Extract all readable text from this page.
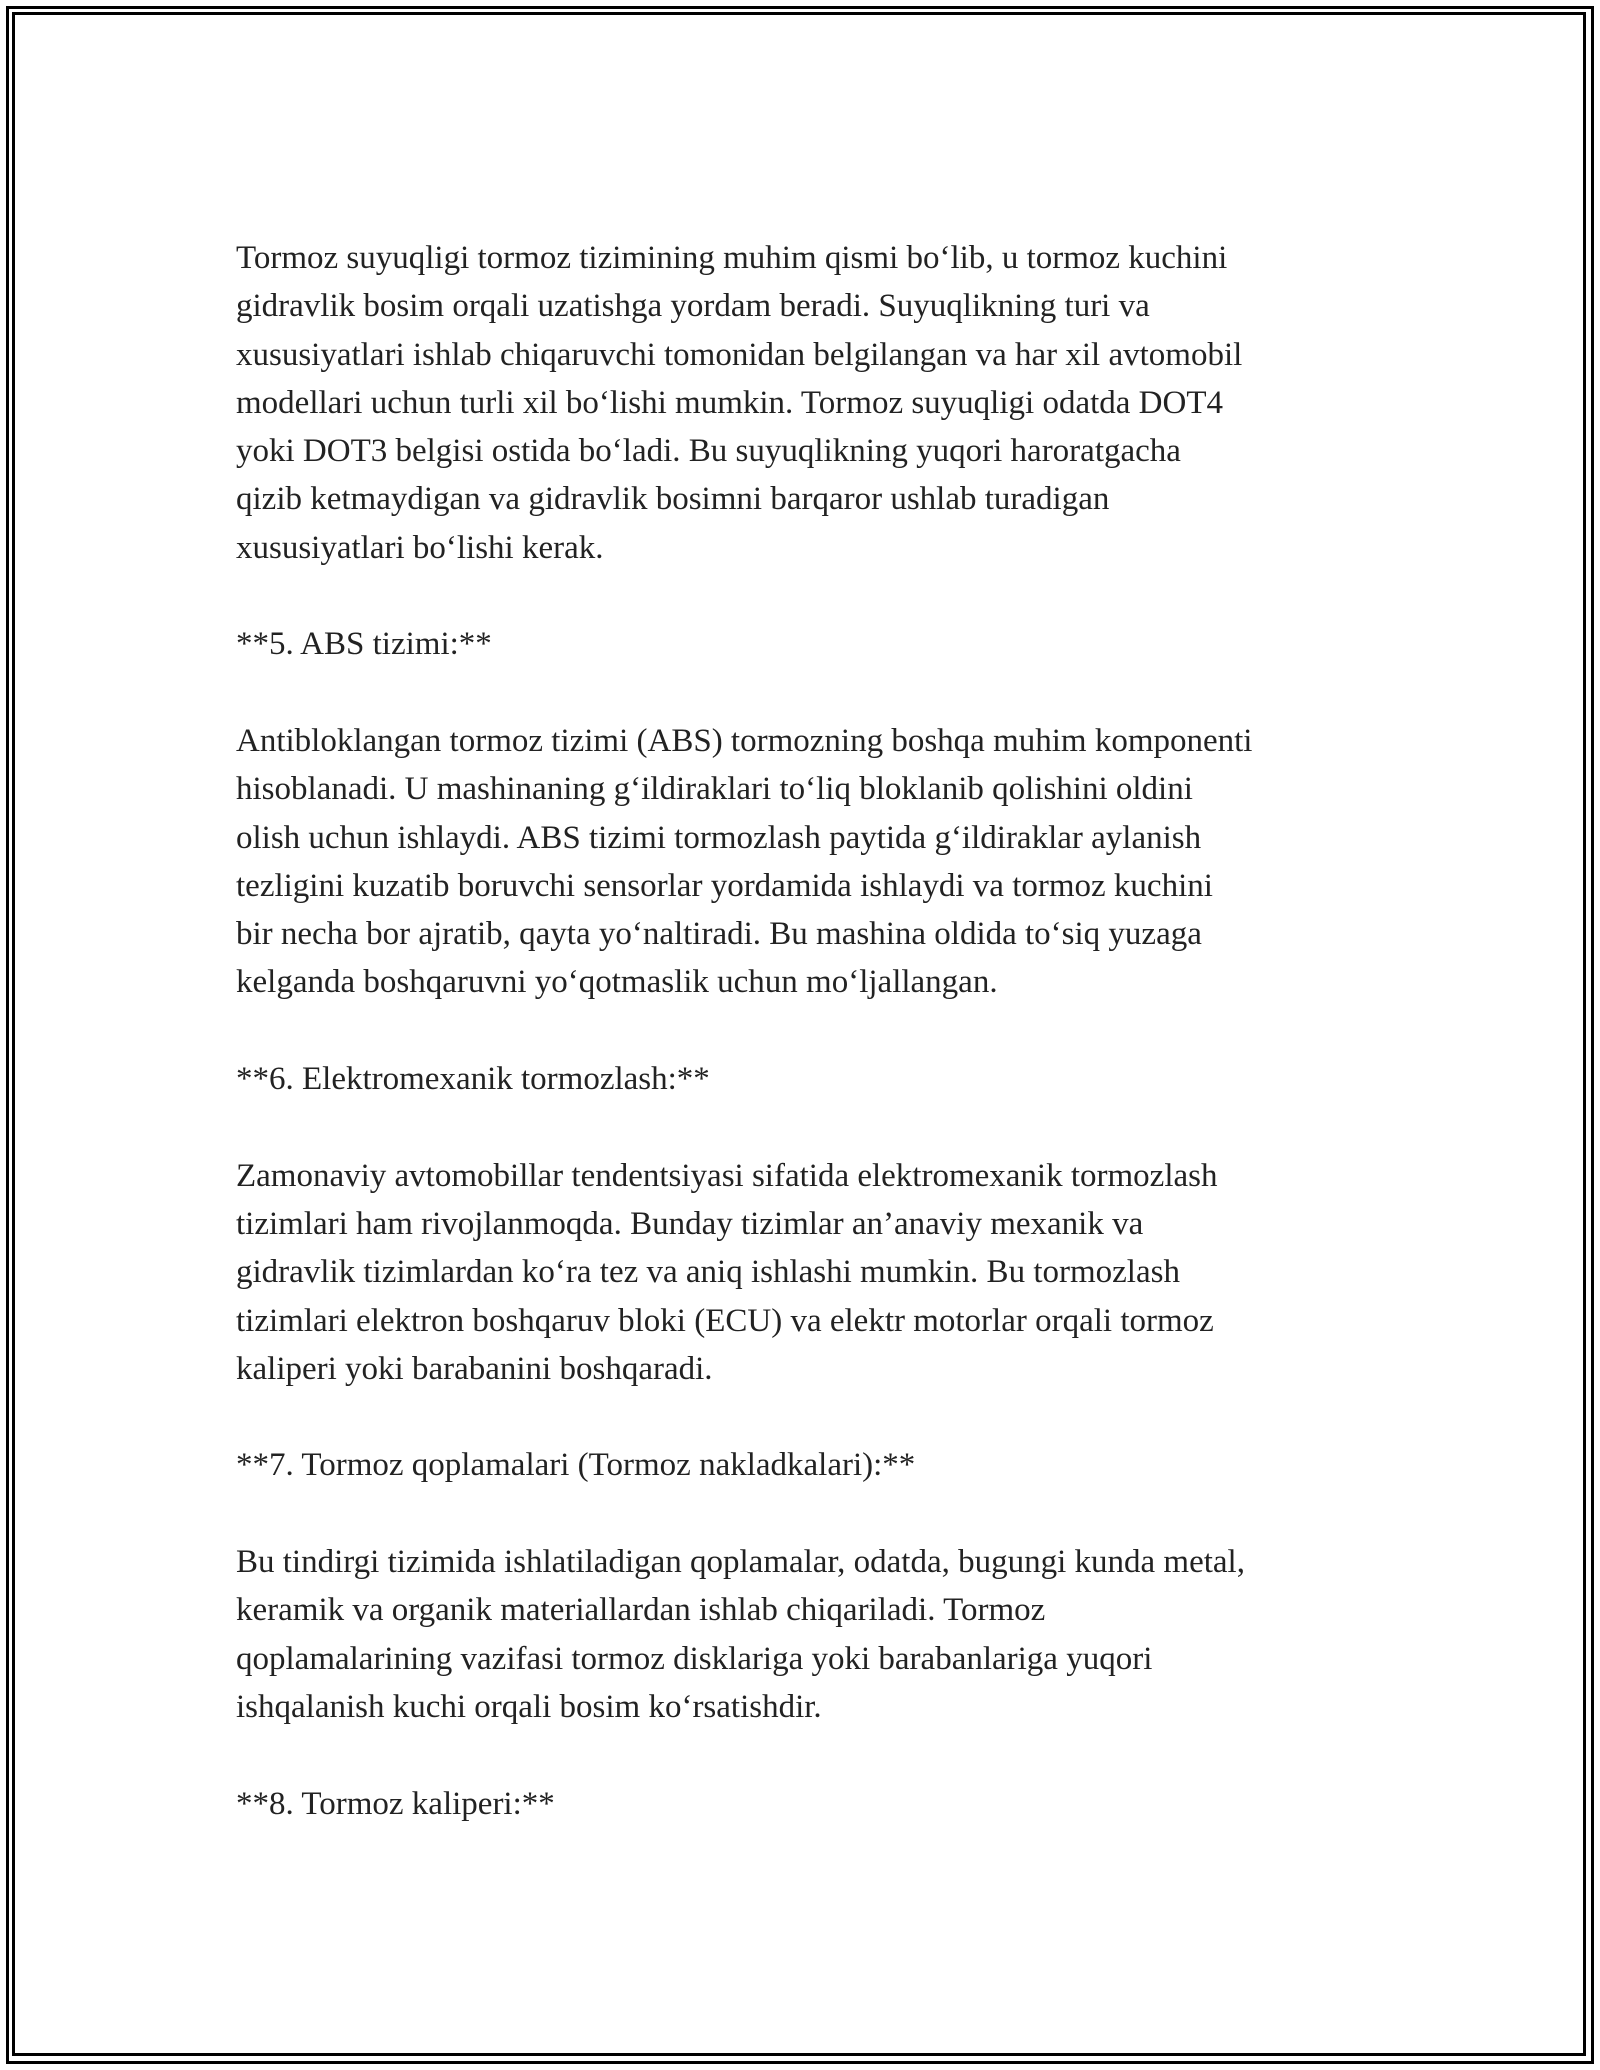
Tormoz suyuqligi tormoz tizimining muhim qismi bo‘lib, u tormoz kuchini
gidravlik bosim orqali uzatishga yordam beradi. Suyuqlikning turi va
xususiyatlari ishlab chiqaruvchi tomonidan belgilangan va har xil avtomobil
modellari uchun turli xil bo‘lishi mumkin. Tormoz suyuqligi odatda DOT4
yoki DOT3 belgisi ostida bo‘ladi. Bu suyuqlikning yuqori haroratgacha
qizib ketmaydigan va gidravlik bosimni barqaror ushlab turadigan
xususiyatlari bo‘lishi kerak.

**5. ABS tizimi:**

Antibloklangan tormoz tizimi (ABS) tormozning boshqa muhim komponenti
hisoblanadi. U mashinaning g‘ildiraklari to‘liq bloklanib qolishini oldini
olish uchun ishlaydi. ABS tizimi tormozlash paytida g‘ildiraklar aylanish
tezligini kuzatib boruvchi sensorlar yordamida ishlaydi va tormoz kuchini
bir necha bor ajratib, qayta yo‘naltiradi. Bu mashina oldida to‘siq yuzaga
kelganda boshqaruvni yo‘qotmaslik uchun mo‘ljallangan.

**6. Elektromexanik tormozlash:**

Zamonaviy avtomobillar tendentsiyasi sifatida elektromexanik tormozlash
tizimlari ham rivojlanmoqda. Bunday tizimlar an’anaviy mexanik va
gidravlik tizimlardan ko‘ra tez va aniq ishlashi mumkin. Bu tormozlash
tizimlari elektron boshqaruv bloki (ECU) va elektr motorlar orqali tormoz
kaliperi yoki barabanini boshqaradi.

**7. Tormoz qoplamalari (Tormoz nakladkalari):**

Bu tindirgi tizimida ishlatiladigan qoplamalar, odatda, bugungi kunda metal,
keramik va organik materiallardan ishlab chiqariladi. Tormoz
qoplamalarining vazifasi tormoz disklariga yoki barabanlariga yuqori
ishqalanish kuchi orqali bosim ko‘rsatishdir.

**8. Tormoz kaliperi:**
